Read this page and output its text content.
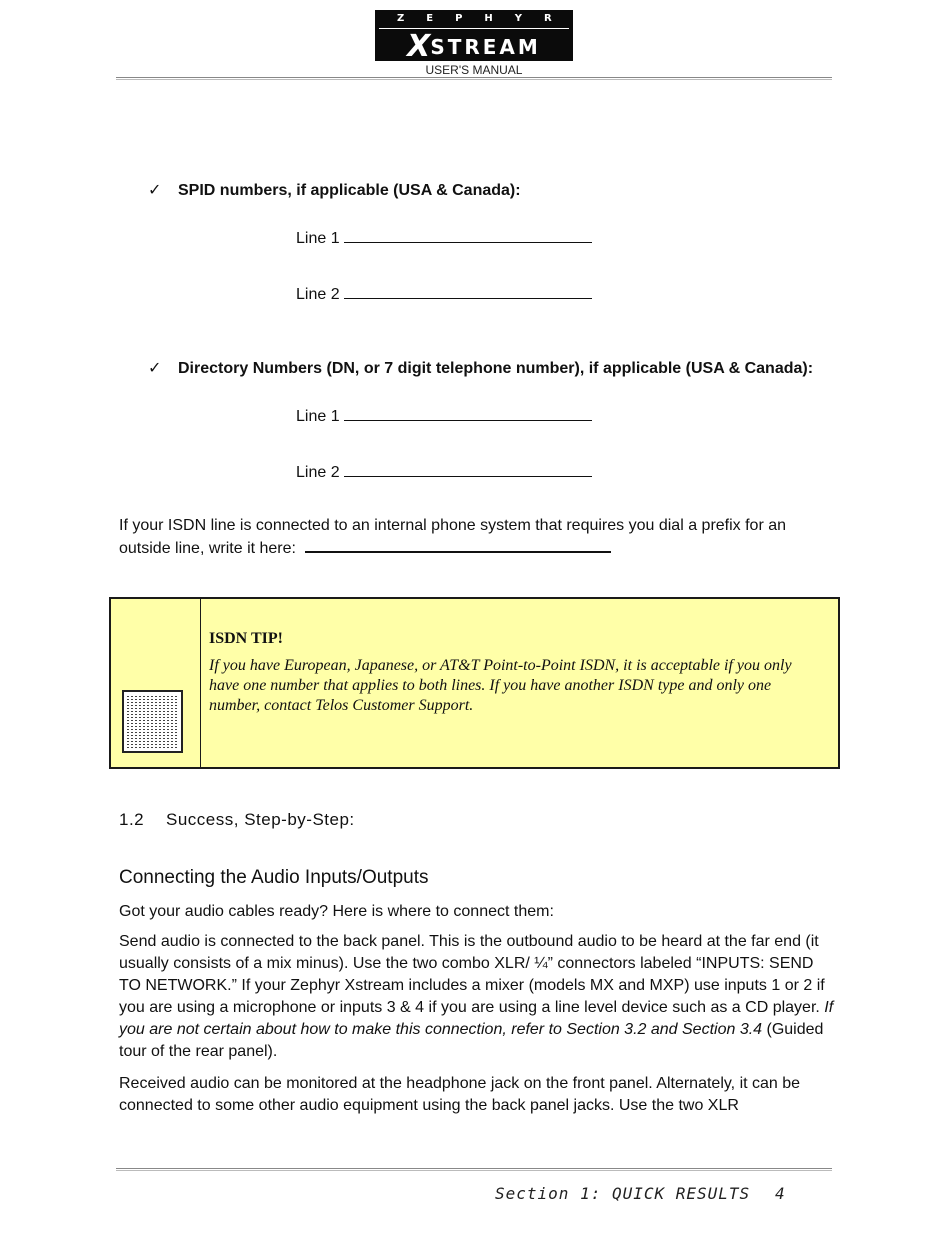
ZEPHYR
XSTREAM
USER'S MANUAL
✓ SPID numbers, if applicable (USA & Canada):
Line 1
Line 2
✓ Directory Numbers (DN, or 7 digit telephone number), if applicable (USA & Canada):
Line 1
Line 2
If your ISDN line is connected to an internal phone system that requires you dial a prefix for an
outside line, write it here:
ISDN TIP!
If you have European, Japanese, or AT&T Point-to-Point ISDN, it is acceptable if you only have one number that applies to both lines. If you have another ISDN type and only one number, contact Telos Customer Support.
1.2 Success, Step-by-Step:
Connecting the Audio Inputs/Outputs
Got your audio cables ready? Here is where to connect them:
Send audio is connected to the back panel. This is the outbound audio to be heard at the far end (it usually consists of a mix minus). Use the two combo XLR/ ¼” connectors labeled “INPUTS: SEND TO NETWORK.” If your Zephyr Xstream includes a mixer (models MX and MXP) use inputs 1 or 2 if you are using a microphone or inputs 3 & 4 if you are using a line level device such as a CD player. If you are not certain about how to make this connection, refer to Section 3.2 and Section 3.4 (Guided tour of the rear panel).
Received audio can be monitored at the headphone jack on the front panel. Alternately, it can be connected to some other audio equipment using the back panel jacks. Use the two XLR
Section 1: QUICK RESULTS 4
